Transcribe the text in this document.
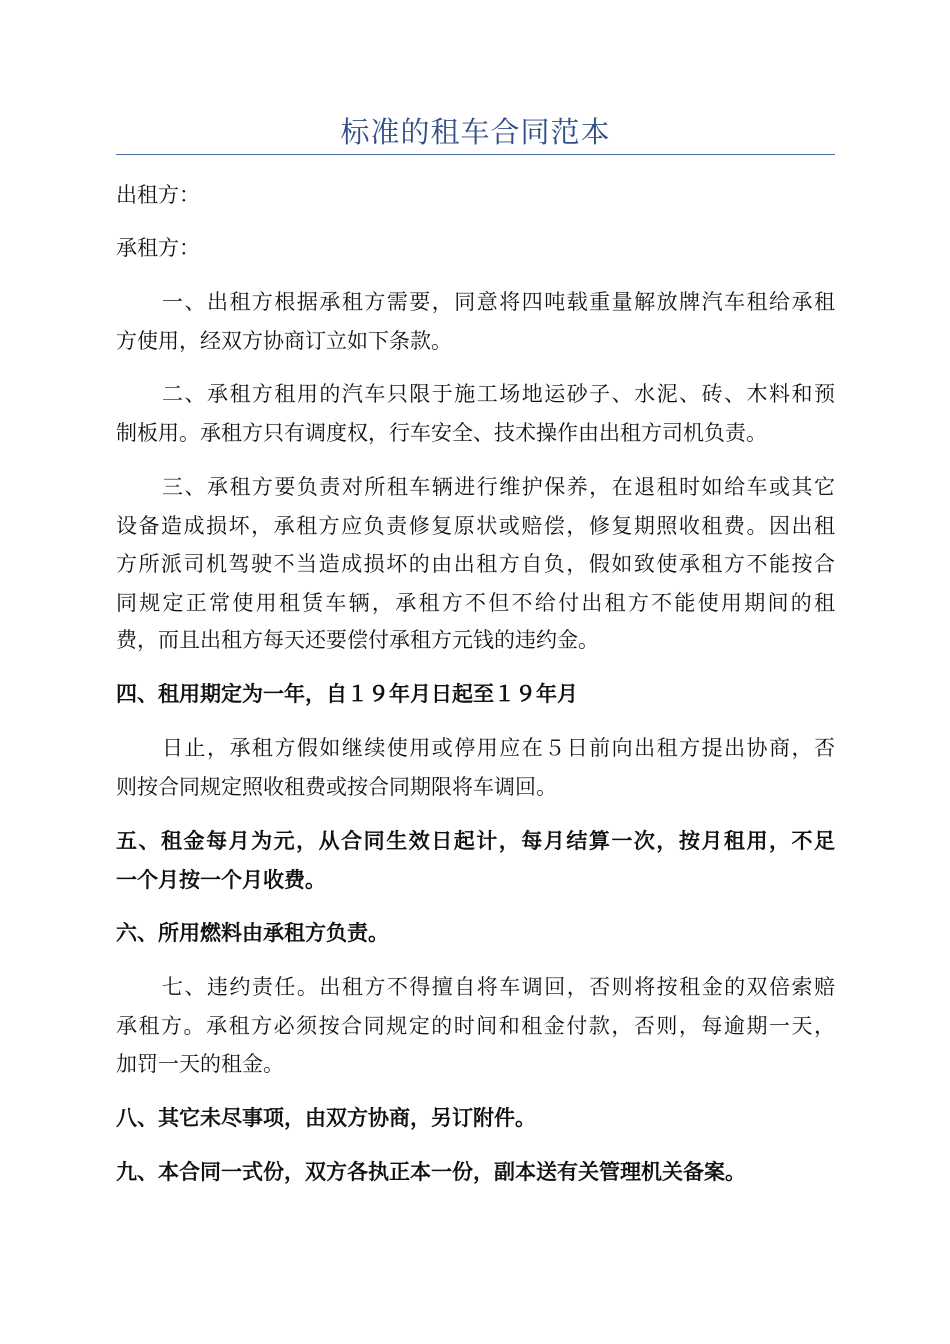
标准的租车合同范本
出租方：
承租方：
一、出租方根据承租方需要，同意将四吨载重量解放牌汽车租给承租
方使用，经双方协商订立如下条款。
二、承租方租用的汽车只限于施工场地运砂子、水泥、砖、木料和预
制板用。承租方只有调度权，行车安全、技术操作由出租方司机负责。
三、承租方要负责对所租车辆进行维护保养，在退租时如给车或其它
设备造成损坏，承租方应负责修复原状或赔偿，修复期照收租费。因出租
方所派司机驾驶不当造成损坏的由出租方自负，假如致使承租方不能按合
同规定正常使用租赁车辆，承租方不但不给付出租方不能使用期间的租
费，而且出租方每天还要偿付承租方元钱的违约金。
四、租用期定为一年，自１９年月日起至１９年月
日止，承租方假如继续使用或停用应在５日前向出租方提出协商，否
则按合同规定照收租费或按合同期限将车调回。
五、租金每月为元，从合同生效日起计，每月结算一次，按月租用，不足
一个月按一个月收费。
六、所用燃料由承租方负责。
七、违约责任。出租方不得擅自将车调回，否则将按租金的双倍索赔
承租方。承租方必须按合同规定的时间和租金付款，否则，每逾期一天，
加罚一天的租金。
八、其它未尽事项，由双方协商，另订附件。
九、本合同一式份，双方各执正本一份，副本送有关管理机关备案。
